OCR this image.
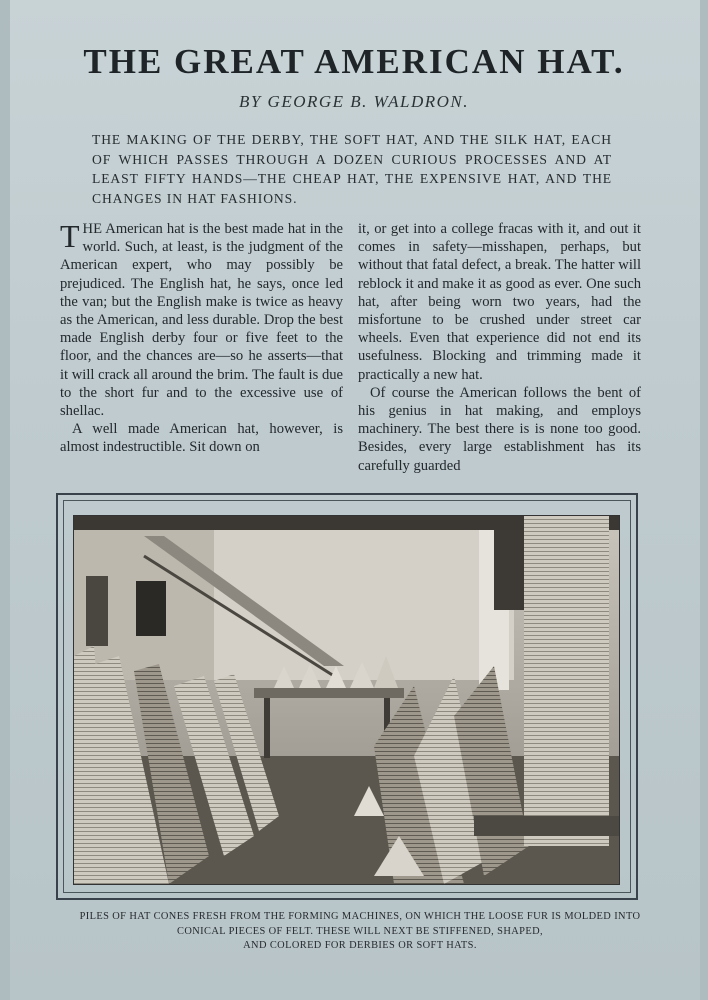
THE GREAT AMERICAN HAT.
BY GEORGE B. WALDRON.
THE MAKING OF THE DERBY, THE SOFT HAT, AND THE SILK HAT, EACH OF WHICH PASSES THROUGH A DOZEN CURIOUS PROCESSES AND AT LEAST FIFTY HANDS—THE CHEAP HAT, THE EXPENSIVE HAT, AND THE CHANGES IN HAT FASHIONS.

THE American hat is the best made hat in the world. Such, at least, is the judgment of the American expert, who may possibly be prejudiced. The English hat, he says, once led the van; but the English make is twice as heavy as the American, and less durable. Drop the best made English derby four or five feet to the floor, and the chances are—so he asserts—that it will crack all around the brim. The fault is due to the short fur and to the excessive use of shellac.

A well made American hat, however, is almost indestructible. Sit down on

it, or get into a college fracas with it, and out it comes in safety—misshapen, perhaps, but without that fatal defect, a break. The hatter will reblock it and make it as good as ever. One such hat, after being worn two years, had the misfortune to be crushed under street car wheels. Even that experience did not end its usefulness. Blocking and trimming made it practically a new hat.

Of course the American follows the bent of his genius in hat making, and employs machinery. The best there is is none too good. Besides, every large establishment has its carefully guarded

PILES OF HAT CONES FRESH FROM THE FORMING MACHINES, ON WHICH THE LOOSE FUR IS MOLDED INTO
CONICAL PIECES OF FELT. THESE WILL NEXT BE STIFFENED, SHAPED,
AND COLORED FOR DERBIES OR SOFT HATS.
